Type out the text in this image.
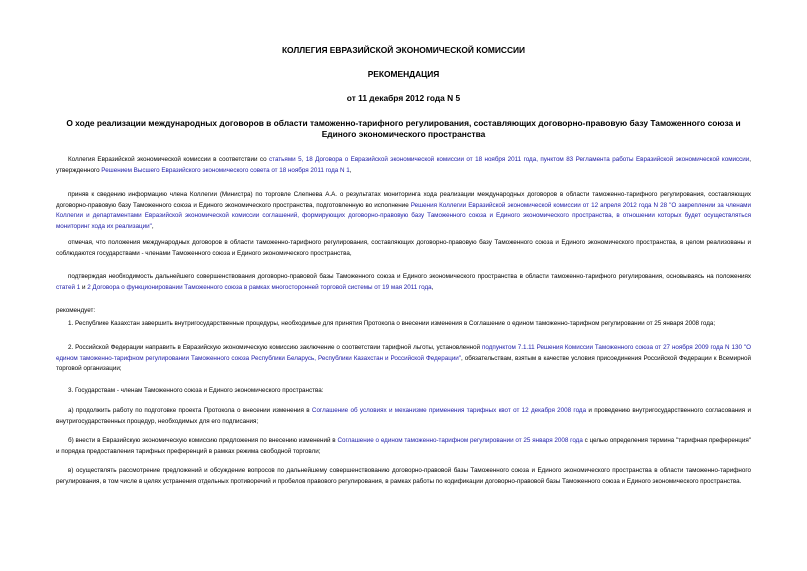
КОЛЛЕГИЯ ЕВРАЗИЙСКОЙ ЭКОНОМИЧЕСКОЙ КОМИССИИ
РЕКОМЕНДАЦИЯ
от 11 декабря 2012 года N 5
О ходе реализации международных договоров в области таможенно-тарифного регулирования, составляющих договорно-правовую базу Таможенного союза и
Единого экономического пространства
Коллегия Евразийской экономической комиссии в соответствии со статьями 5, 18 Договора о Евразийской экономической комиссии от 18 ноября 2011 года, пунктом 83 Регламента работы Евразийской экономической комиссии, утвержденного Решением Высшего Евразийского экономического совета от 18 ноября 2011 года N 1,
приняв к сведению информацию члена Коллегии (Министра) по торговле Слепнева А.А. о результатах мониторинга хода реализации международных договоров в области таможенно-тарифного регулирования, составляющих договорно-правовую базу Таможенного союза и Единого экономического пространства, подготовленную во исполнение Решения Коллегии Евразийской экономической комиссии от 12 апреля 2012 года N 28 "О закреплении за членами Коллегии и департаментами Евразийской экономической комиссии соглашений, формирующих договорно-правовую базу Таможенного союза и Единого экономического пространства, в отношении которых будет осуществляться мониторинг хода их реализации",
отмечая, что положения международных договоров в области таможенно-тарифного регулирования, составляющих договорно-правовую базу Таможенного союза и Единого экономического пространства, в целом реализованы и соблюдаются государствами - членами Таможенного союза и Единого экономического пространства,
подтверждая необходимость дальнейшего совершенствования договорно-правовой базы Таможенного союза и Единого экономического пространства в области таможенно-тарифного регулирования, основываясь на положениях статей 1 и 2 Договора о функционировании Таможенного союза в рамках многосторонней торговой системы от 19 мая 2011 года,
рекомендует:
1. Республике Казахстан завершить внутригосударственные процедуры, необходимые для принятия Протокола о внесении изменения в Соглашение о едином таможенно-тарифном регулировании от 25 января 2008 года;
2. Российской Федерации направить в Евразийскую экономическую комиссию заключение о соответствии тарифной льготы, установленной подпунктом 7.1.11 Решения Комиссии Таможенного союза от 27 ноября 2009 года N 130 "О едином таможенно-тарифном регулировании Таможенного союза Республики Беларусь, Республики Казахстан и Российской Федерации", обязательствам, взятым в качестве условия присоединения Российской Федерации к Всемирной торговой организации;
3. Государствам - членам Таможенного союза и Единого экономического пространства:
а) продолжить работу по подготовке проекта Протокола о внесении изменения в Соглашение об условиях и механизме применения тарифных квот от 12 декабря 2008 года и проведению внутригосударственного согласования и внутригосударственных процедур, необходимых для его подписания;
б) внести в Евразийскую экономическую комиссию предложения по внесению изменений в Соглашение о едином таможенно-тарифном регулировании от 25 января 2008 года с целью определения термина "тарифная преференция" и порядка предоставления тарифных преференций в рамках режима свободной торговли;
в) осуществлять рассмотрение предложений и обсуждение вопросов по дальнейшему совершенствованию договорно-правовой базы Таможенного союза и Единого экономического пространства в области таможенно-тарифного регулирования, в том числе в целях устранения отдельных противоречий и пробелов правового регулирования, в рамках работы по кодификации договорно-правовой базы Таможенного союза и Единого экономического пространства.
